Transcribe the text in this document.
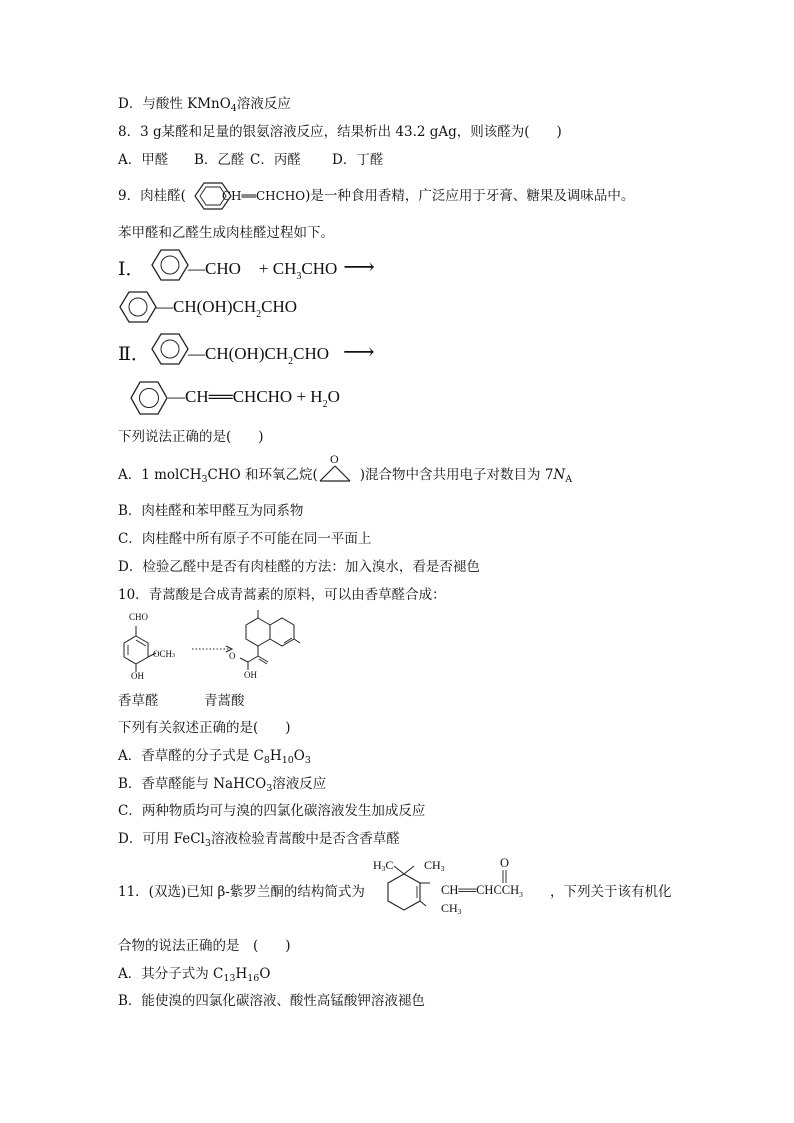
D．与酸性 KMnO$_4$溶液反应
8．3 g某醛和足量的银氨溶液反应，结果析出 43.2 gAg，则该醛为(　　)
A．甲醛 B．乙醛 C．丙醛 D．丁醛
9．肉桂醛(	CH══CHCHO)是一种食用香精，广泛应用于牙膏、糖果及调味品中。
苯甲醛和乙醛生成肉桂醛过程如下。
Ⅰ．	—CHO + $CH_3CHO$ ⟶
$—CH(OH)CH_2CHO$
Ⅱ． $—CH(OH)CH_2CHO$ ⟶
—CH══CHCHO + $H_2O$
下列说法正确的是(　　)
A．1 molCH$_3$CHO 和环氧乙烷(	)混合物中含共用电子对数目为 $7N_A$
O
B．肉桂醛和苯甲醛互为同系物
C．肉桂醛中所有原子不可能在同一平面上
D．检验乙醛中是否有肉桂醛的方法：加入溴水，看是否褪色
10．青蒿酸是合成青蒿素的原料，可以由香草醛合成：
CHO
OCH3
OH
O
OH
香草醛	青蒿酸
下列有关叙述正确的是(　　)
A．香草醛的分子式是 $C_8H_{10}O_3$
B．香草醛能与 NaHCO$_3$溶液反应
C．两种物质均可与溴的四氯化碳溶液发生加成反应
D．可用 FeCl$_3$溶液检验青蒿酸中是否含香草醛
11．(双选)已知 β-紫罗兰酮的结构简式为	，下列关于该有机化
H3C	CH3
CH3
$CH══CHCCH_3$
O
合物的说法正确的是　(　　)
A．其分子式为 $C_{13}H_{16}O$
B．能使溴的四氯化碳溶液、酸性高锰酸钾溶液褪色
